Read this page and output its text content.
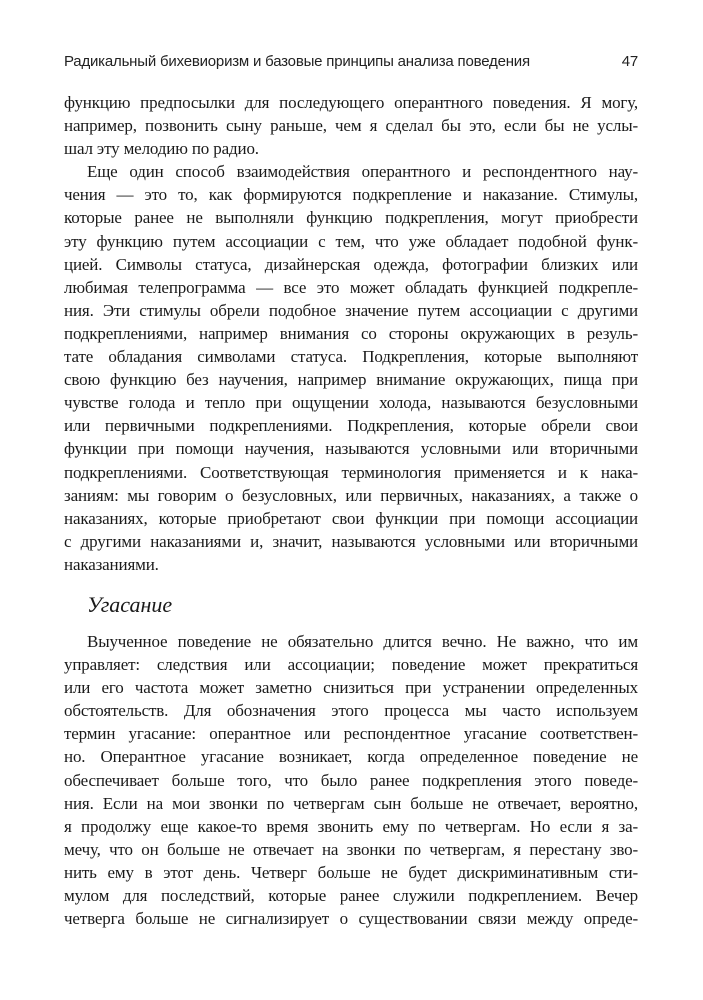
Радикальный бихевиоризм и базовые принципы анализа поведения	47
функцию предпосылки для последующего оперантного поведения. Я могу,
например, позвонить сыну раньше, чем я сделал бы это, если бы не услы-
шал эту мелодию по радио.
Еще один способ взаимодействия оперантного и респондентного нау-
чения — это то, как формируются подкрепление и наказание. Стимулы,
которые ранее не выполняли функцию подкрепления, могут приобрести
эту функцию путем ассоциации с тем, что уже обладает подобной функ-
цией. Символы статуса, дизайнерская одежда, фотографии близких или
любимая телепрограмма — все это может обладать функцией подкрепле-
ния. Эти стимулы обрели подобное значение путем ассоциации с другими
подкреплениями, например внимания со стороны окружающих в резуль-
тате обладания символами статуса. Подкрепления, которые выполняют
свою функцию без научения, например внимание окружающих, пища при
чувстве голода и тепло при ощущении холода, называются безусловными
или первичными подкреплениями. Подкрепления, которые обрели свои
функции при помощи научения, называются условными или вторичными
подкреплениями. Соответствующая терминология применяется и к нака-
заниям: мы говорим о безусловных, или первичных, наказаниях, а также о
наказаниях, которые приобретают свои функции при помощи ассоциации
с другими наказаниями и, значит, называются условными или вторичными
наказаниями.
Угасание
Выученное поведение не обязательно длится вечно. Не важно, что им
управляет: следствия или ассоциации; поведение может прекратиться
или его частота может заметно снизиться при устранении определенных
обстоятельств. Для обозначения этого процесса мы часто используем
термин угасание: оперантное или респондентное угасание соответствен-
но. Оперантное угасание возникает, когда определенное поведение не
обеспечивает больше того, что было ранее подкрепления этого поведе-
ния. Если на мои звонки по четвергам сын больше не отвечает, вероятно,
я продолжу еще какое-то время звонить ему по четвергам. Но если я за-
мечу, что он больше не отвечает на звонки по четвергам, я перестану зво-
нить ему в этот день. Четверг больше не будет дискриминативным сти-
мулом для последствий, которые ранее служили подкреплением. Вечер
четверга больше не сигнализирует о существовании связи между опреде-
